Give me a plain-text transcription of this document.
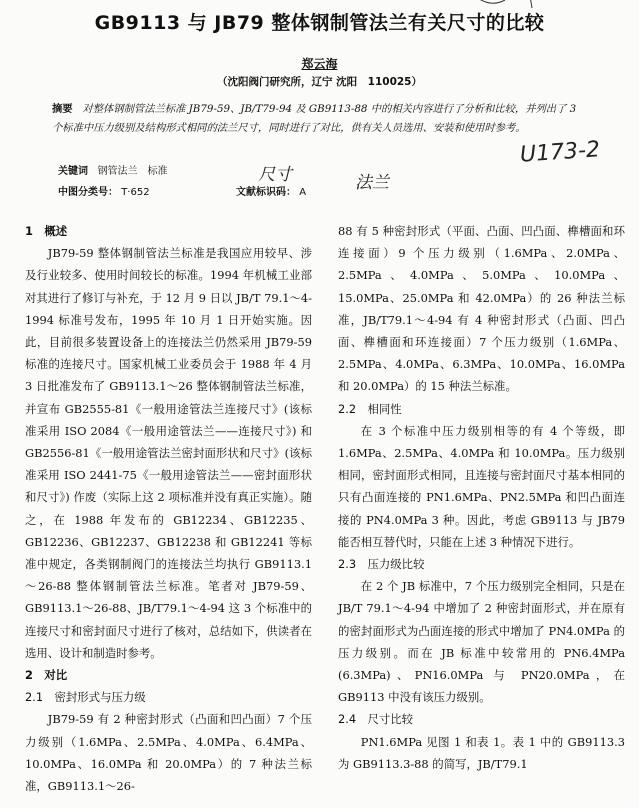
GB9113 与 JB79 整体钢制管法兰有关尺寸的比较
郑云海
（沈阳阀门研究所，辽宁 沈阳　110025）
摘要 对整体钢制管法兰标准 JB79-59、JB/T79-94 及 GB9113-88 中的相关内容进行了分析和比较，并列出了 3 个标准中压力级别及结构形式相同的法兰尺寸，同时进行了对比，供有关人员选用、安装和使用时参考。
关键词 钢管法兰　标准
中图分类号： T·652	文献标识码： A
U173-2
尺寸	法兰
1　概述

JB79-59 整体钢制管法兰标准是我国应用较早、涉及行业较多、使用时间较长的标准。1994 年机械工业部对其进行了修订与补充，于 12 月 9 日以 JB/T 79.1～4-1994 标准号发布，1995 年 10 月 1 日开始实施。因此，目前很多装置设备上的连接法兰仍然采用 JB79-59 标准的连接尺寸。国家机械工业委员会于 1988 年 4 月 3 日批准发布了 GB9113.1～26 整体钢制管法兰标准，并宣布 GB2555-81《一般用途管法兰连接尺寸》(该标准采用 ISO 2084《一般用途管法兰——连接尺寸》) 和 GB2556-81《一般用途管法兰密封面形状和尺寸》(该标准采用 ISO 2441-75《一般用途管法兰——密封面形状和尺寸》) 作废（实际上这 2 项标准并没有真正实施）。随之，在 1988 年发布的 GB12234、GB12235、GB12236、GB12237、GB12238 和 GB12241 等标准中规定，各类钢制阀门的连接法兰均执行 GB9113.1～26-88 整体钢制管法兰标准。笔者对 JB79-59、GB9113.1～26-88、JB/T79.1～4-94 这 3 个标准中的连接尺寸和密封面尺寸进行了核对，总结如下，供读者在选用、设计和制造时参考。

2　对比
2.1　密封形式与压力级

JB79-59 有 2 种密封形式（凸面和凹凸面）7 个压力级别（1.6MPa、2.5MPa、4.0MPa、6.4MPa、10.0MPa、16.0MPa 和 20.0MPa）的 7 种法兰标准，GB9113.1～26-

88 有 5 种密封形式（平面、凸面、凹凸面、榫槽面和环连接面）9 个压力级别（1.6MPa、2.0MPa、2.5MPa、4.0MPa、5.0MPa、10.0MPa、15.0MPa、25.0MPa 和 42.0MPa）的 26 种法兰标准，JB/T79.1～4-94 有 4 种密封形式（凸面、凹凸面、榫槽面和环连接面）7 个压力级别（1.6MPa、2.5MPa、4.0MPa、6.3MPa、10.0MPa、16.0MPa 和 20.0MPa）的 15 种法兰标准。

2.2　相同性

在 3 个标准中压力级别相等的有 4 个等级，即 1.6MPa、2.5MPa、4.0MPa 和 10.0MPa。压力级别相同，密封面形式相同，且连接与密封面尺寸基本相同的只有凸面连接的 PN1.6MPa、PN2.5MPa 和凹凸面连接的 PN4.0MPa 3 种。因此，考虑 GB9113 与 JB79 能否相互替代时，只能在上述 3 种情况下进行。

2.3　压力级比较

在 2 个 JB 标准中，7 个压力级别完全相同，只是在 JB/T 79.1～4-94 中增加了 2 种密封面形式，并在原有的密封面形式为凸面连接的形式中增加了 PN4.0MPa 的压力级别。而在 JB 标准中较常用的 PN6.4MPa (6.3MPa)、PN16.0MPa 与 PN20.0MPa，在 GB9113 中没有该压力级别。

2.4　尺寸比较

PN1.6MPa 见图 1 和表 1。表 1 中的 GB9113.3 为 GB9113.3-88 的简写，JB/T79.1
